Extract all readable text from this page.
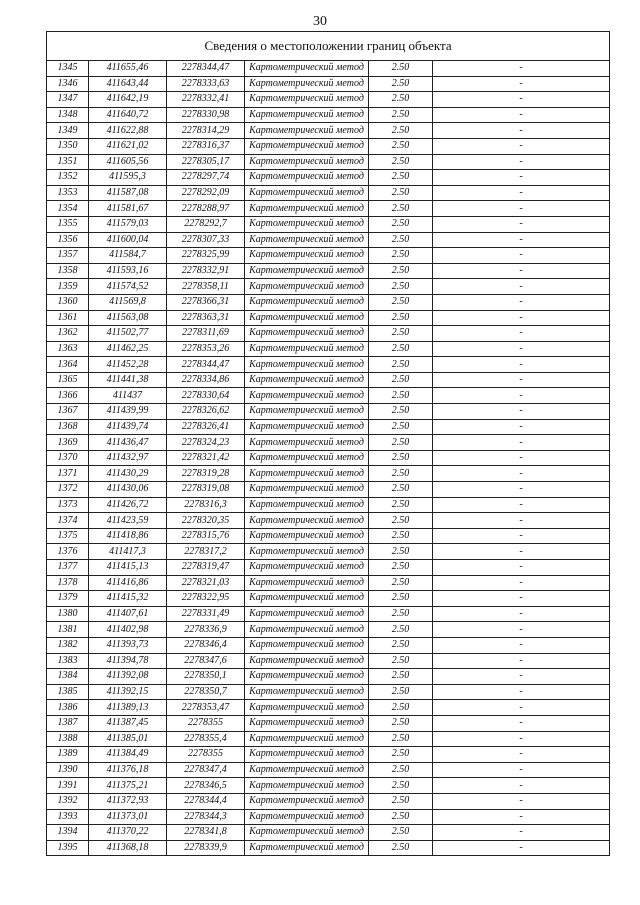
30
Сведения о местоположении границ объекта					
1345	411655,46	2278344,47	Картометрический метод	2.50	-
1346	411643,44	2278333,63	Картометрический метод	2.50	-
1347	411642,19	2278332,41	Картометрический метод	2.50	-
1348	411640,72	2278330,98	Картометрический метод	2.50	-
1349	411622,88	2278314,29	Картометрический метод	2.50	-
1350	411621,02	2278316,37	Картометрический метод	2.50	-
1351	411605,56	2278305,17	Картометрический метод	2.50	-
1352	411595,3	2278297,74	Картометрический метод	2.50	-
1353	411587,08	2278292,09	Картометрический метод	2.50	-
1354	411581,67	2278288,97	Картометрический метод	2.50	-
1355	411579,03	2278292,7	Картометрический метод	2.50	-
1356	411600,04	2278307,33	Картометрический метод	2.50	-
1357	411584,7	2278325,99	Картометрический метод	2.50	-
1358	411593,16	2278332,91	Картометрический метод	2.50	-
1359	411574,52	2278358,11	Картометрический метод	2.50	-
1360	411569,8	2278366,31	Картометрический метод	2.50	-
1361	411563,08	2278363,31	Картометрический метод	2.50	-
1362	411502,77	2278311,69	Картометрический метод	2.50	-
1363	411462,25	2278353,26	Картометрический метод	2.50	-
1364	411452,28	2278344,47	Картометрический метод	2.50	-
1365	411441,38	2278334,86	Картометрический метод	2.50	-
1366	411437	2278330,64	Картометрический метод	2.50	-
1367	411439,99	2278326,62	Картометрический метод	2.50	-
1368	411439,74	2278326,41	Картометрический метод	2.50	-
1369	411436,47	2278324,23	Картометрический метод	2.50	-
1370	411432,97	2278321,42	Картометрический метод	2.50	-
1371	411430,29	2278319,28	Картометрический метод	2.50	-
1372	411430,06	2278319,08	Картометрический метод	2.50	-
1373	411426,72	2278316,3	Картометрический метод	2.50	-
1374	411423,59	2278320,35	Картометрический метод	2.50	-
1375	411418,86	2278315,76	Картометрический метод	2.50	-
1376	411417,3	2278317,2	Картометрический метод	2.50	-
1377	411415,13	2278319,47	Картометрический метод	2.50	-
1378	411416,86	2278321,03	Картометрический метод	2.50	-
1379	411415,32	2278322,95	Картометрический метод	2.50	-
1380	411407,61	2278331,49	Картометрический метод	2.50	-
1381	411402,98	2278336,9	Картометрический метод	2.50	-
1382	411393,73	2278346,4	Картометрический метод	2.50	-
1383	411394,78	2278347,6	Картометрический метод	2.50	-
1384	411392,08	2278350,1	Картометрический метод	2.50	-
1385	411392,15	2278350,7	Картометрический метод	2.50	-
1386	411389,13	2278353,47	Картометрический метод	2.50	-
1387	411387,45	2278355	Картометрический метод	2.50	-
1388	411385,01	2278355,4	Картометрический метод	2.50	-
1389	411384,49	2278355	Картометрический метод	2.50	-
1390	411376,18	2278347,4	Картометрический метод	2.50	-
1391	411375,21	2278346,5	Картометрический метод	2.50	-
1392	411372,93	2278344,4	Картометрический метод	2.50	-
1393	411373,01	2278344,3	Картометрический метод	2.50	-
1394	411370,22	2278341,8	Картометрический метод	2.50	-
1395	411368,18	2278339,9	Картометрический метод	2.50	-
